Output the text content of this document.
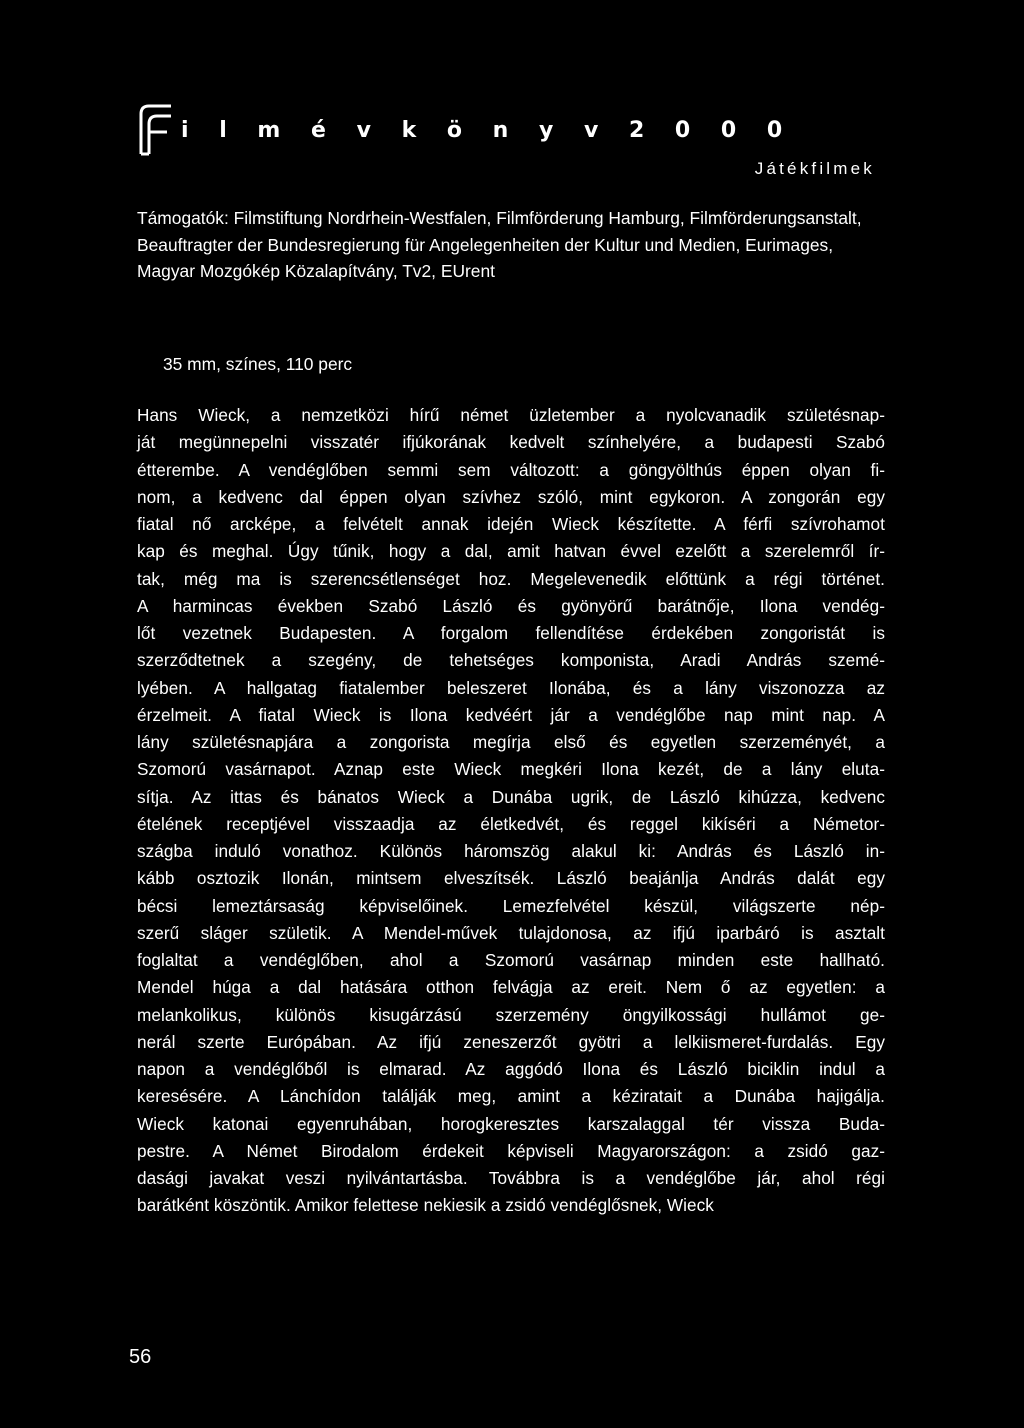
i l m é v k ö n y v 2 0 0 0
Játékfilmek

Támogatók: Filmstiftung Nordrhein-Westfalen, Filmförderung Hamburg, Filmförderungsanstalt, Beauftragter der Bundesregierung für Angelegenheiten der Kultur und Medien, Eurimages, Magyar Mozgókép Közalapítvány, Tv2, EUrent

35 mm, színes, 110 perc

Hans Wieck, a nemzetközi hírű német üzletember a nyolcvanadik születésnap-
ját megünnepelni visszatér ifjúkorának kedvelt színhelyére, a budapesti Szabó
étterembe. A vendéglőben semmi sem változott: a göngyölthús éppen olyan fi-
nom, a kedvenc dal éppen olyan szívhez szóló, mint egykoron. A zongorán egy
fiatal nő arcképe, a felvételt annak idején Wieck készítette. A férfi szívrohamot
kap és meghal. Úgy tűnik, hogy a dal, amit hatvan évvel ezelőtt a szerelemről ír-
tak, még ma is szerencsétlenséget hoz. Megelevenedik előttünk a régi történet.
A harmincas években Szabó László és gyönyörű barátnője, Ilona vendég-
lőt vezetnek Budapesten. A forgalom fellendítése érdekében zongoristát is
szerződtetnek a szegény, de tehetséges komponista, Aradi András szemé-
lyében. A hallgatag fiatalember beleszeret Ilonába, és a lány viszonozza az
érzelmeit. A fiatal Wieck is Ilona kedvéért jár a vendéglőbe nap mint nap. A
lány születésnapjára a zongorista megírja első és egyetlen szerzeményét, a
Szomorú vasárnapot. Aznap este Wieck megkéri Ilona kezét, de a lány eluta-
sítja. Az ittas és bánatos Wieck a Dunába ugrik, de László kihúzza, kedvenc
ételének receptjével visszaadja az életkedvét, és reggel kikíséri a Németor-
szágba induló vonathoz. Különös háromszög alakul ki: András és László in-
kább osztozik Ilonán, mintsem elveszítsék. László beajánlja András dalát egy
bécsi lemeztársaság képviselőinek. Lemezfelvétel készül, világszerte nép-
szerű sláger születik. A Mendel-művek tulajdonosa, az ifjú iparbáró is asztalt
foglaltat a vendéglőben, ahol a Szomorú vasárnap minden este hallható.
Mendel húga a dal hatására otthon felvágja az ereit. Nem ő az egyetlen: a
melankolikus, különös kisugárzású szerzemény öngyilkossági hullámot ge-
nerál szerte Európában. Az ifjú zeneszerzőt gyötri a lelkiismeret-furdalás. Egy
napon a vendéglőből is elmarad. Az aggódó Ilona és László biciklin indul a
keresésére. A Lánchídon találják meg, amint a kéziratait a Dunába hajigálja.
Wieck katonai egyenruhában, horogkeresztes karszalaggal tér vissza Buda-
pestre. A Német Birodalom érdekeit képviseli Magyarországon: a zsidó gaz-
dasági javakat veszi nyilvántartásba. Továbbra is a vendéglőbe jár, ahol régi
barátként köszöntik. Amikor felettese nekiesik a zsidó vendéglősnek, Wieck

56
